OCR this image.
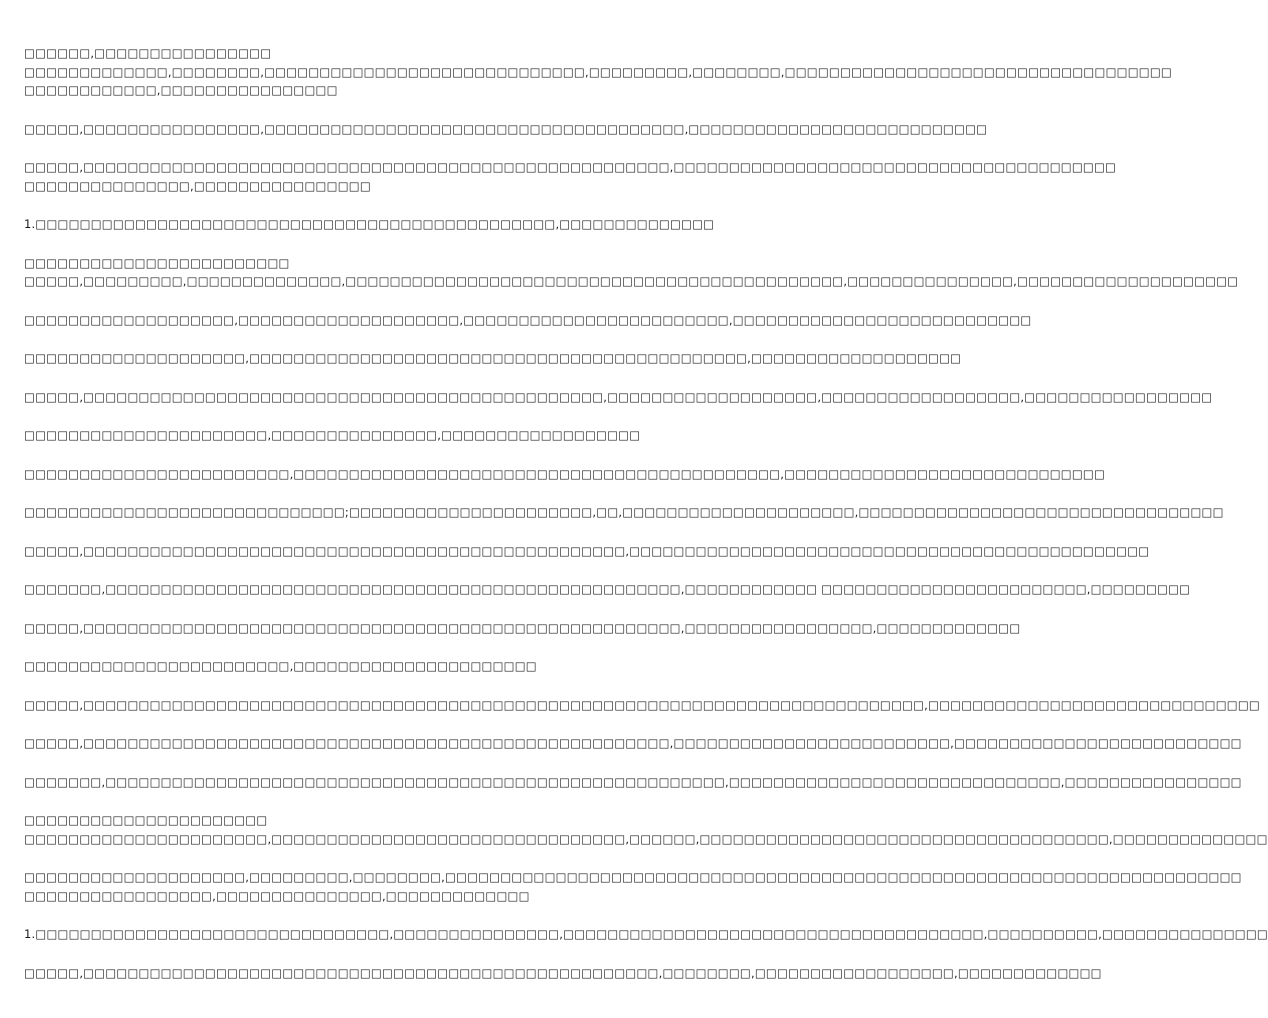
□□□□□□,□□□□□□□□□□□□□□□□
□□□□□□□□□□□□□,□□□□□□□□,□□□□□□□□□□□□□□□□□□□□□□□□□□□□□,□□□□□□□□□,□□□□□□□□,□□□□□□□□□□□□□□□□□□□□□□□□□□□□□□□□□□□
□□□□□□□□□□□□,□□□□□□□□□□□□□□□□
□□□□□,□□□□□□□□□□□□□□□□,□□□□□□□□□□□□□□□□□□□□□□□□□□□□□□□□□□□□□□,□□□□□□□□□□□□□□□□□□□□□□□□□□□
□□□□□,□□□□□□□□□□□□□□□□□□□□□□□□□□□□□□□□□□□□□□□□□□□□□□□□□□□□□,□□□□□□□□□□□□□□□□□□□□□□□□□□□□□□□□□□□□□□□□
□□□□□□□□□□□□□□□,□□□□□□□□□□□□□□□□
1.□□□□□□□□□□□□□□□□□□□□□□□□□□□□□□□□□□□□□□□□□□□□□□□,□□□□□□□□□□□□□□
□□□□□□□□□□□□□□□□□□□□□□□□
□□□□□,□□□□□□□□□,□□□□□□□□□□□□□□,□□□□□□□□□□□□□□□□□□□□□□□□□□□□□□□□□□□□□□□□□□□□□,□□□□□□□□□□□□□□□,□□□□□□□□□□□□□□□□□□□□
□□□□□□□□□□□□□□□□□□□,□□□□□□□□□□□□□□□□□□□□,□□□□□□□□□□□□□□□□□□□□□□□□,□□□□□□□□□□□□□□□□□□□□□□□□□□□
□□□□□□□□□□□□□□□□□□□□,□□□□□□□□□□□□□□□□□□□□□□□□□□□□□□□□□□□□□□□□□□□□□,□□□□□□□□□□□□□□□□□□□
□□□□□,□□□□□□□□□□□□□□□□□□□□□□□□□□□□□□□□□□□□□□□□□□□□□□□,□□□□□□□□□□□□□□□□□□□,□□□□□□□□□□□□□□□□□□,□□□□□□□□□□□□□□□□□
□□□□□□□□□□□□□□□□□□□□□□,□□□□□□□□□□□□□□□,□□□□□□□□□□□□□□□□□□
□□□□□□□□□□□□□□□□□□□□□□□□,□□□□□□□□□□□□□□□□□□□□□□□□□□□□□□□□□□□□□□□□□□□□,□□□□□□□□□□□□□□□□□□□□□□□□□□□□□
□□□□□□□□□□□□□□□□□□□□□□□□□□□□□;□□□□□□□□□□□□□□□□□□□□□□,□□,□□□□□□□□□□□□□□□□□□□□□,□□□□□□□□□□□□□□□□□□□□□□□□□□□□□□□□□
□□□□□,□□□□□□□□□□□□□□□□□□□□□□□□□□□□□□□□□□□□□□□□□□□□□□□□□,□□□□□□□□□□□□□□□□□□□□□□□□□□□□□□□□□□□□□□□□□□□□□□□
□□□□□□□,□□□□□□□□□□□□□□□□□□□□□□□□□□□□□□□□□□□□□□□□□□□□□□□□□□□□,□□□□□□□□□□□□ □□□□□□□□□□□□□□□□□□□□□□□□,□□□□□□□□□
□□□□□,□□□□□□□□□□□□□□□□□□□□□□□□□□□□□□□□□□□□□□□□□□□□□□□□□□□□□□,□□□□□□□□□□□□□□□□□,□□□□□□□□□□□□□
□□□□□□□□□□□□□□□□□□□□□□□□,□□□□□□□□□□□□□□□□□□□□□□
□□□□□,□□□□□□□□□□□□□□□□□□□□□□□□□□□□□□□□□□□□□□□□□□□□□□□□□□□□□□□□□□□□□□□□□□□□□□□□□□□□,□□□□□□□□□□□□□□□□□□□□□□□□□□□□□□
□□□□□,□□□□□□□□□□□□□□□□□□□□□□□□□□□□□□□□□□□□□□□□□□□□□□□□□□□□□,□□□□□□□□□□□□□□□□□□□□□□□□□,□□□□□□□□□□□□□□□□□□□□□□□□□□
□□□□□□□,□□□□□□□□□□□□□□□□□□□□□□□□□□□□□□□□□□□□□□□□□□□□□□□□□□□□□□□□,□□□□□□□□□□□□□□□□□□□□□□□□□□□□□□,□□□□□□□□□□□□□□□□
□□□□□□□□□□□□□□□□□□□□□□
□□□□□□□□□□□□□□□□□□□□□□,□□□□□□□□□□□□□□□□□□□□□□□□□□□□□□□□,□□□□□□,□□□□□□□□□□□□□□□□□□□□□□□□□□□□□□□□□□□□□,□□□□□□□□□□□□□□
□□□□□□□□□□□□□□□□□□□□,□□□□□□□□□,□□□□□□□□,□□□□□□□□□□□□□□□□□□□□□□□□□□□□□□□□□□□□□□□□□□□□□□□□□□□□□□□□□□□□□□□□□□□□□□□□
□□□□□□□□□□□□□□□□□,□□□□□□□□□□□□□□□,□□□□□□□□□□□□□
1.□□□□□□□□□□□□□□□□□□□□□□□□□□□□□□□□,□□□□□□□□□□□□□□□,□□□□□□□□□□□□□□□□□□□□□□□□□□□□□□□□□□□□□□,□□□□□□□□□□,□□□□□□□□□□□□□□□
□□□□□,□□□□□□□□□□□□□□□□□□□□□□□□□□□□□□□□□□□□□□□□□□□□□□□□□□□□,□□□□□□□□,□□□□□□□□□□□□□□□□□□,□□□□□□□□□□□□□
